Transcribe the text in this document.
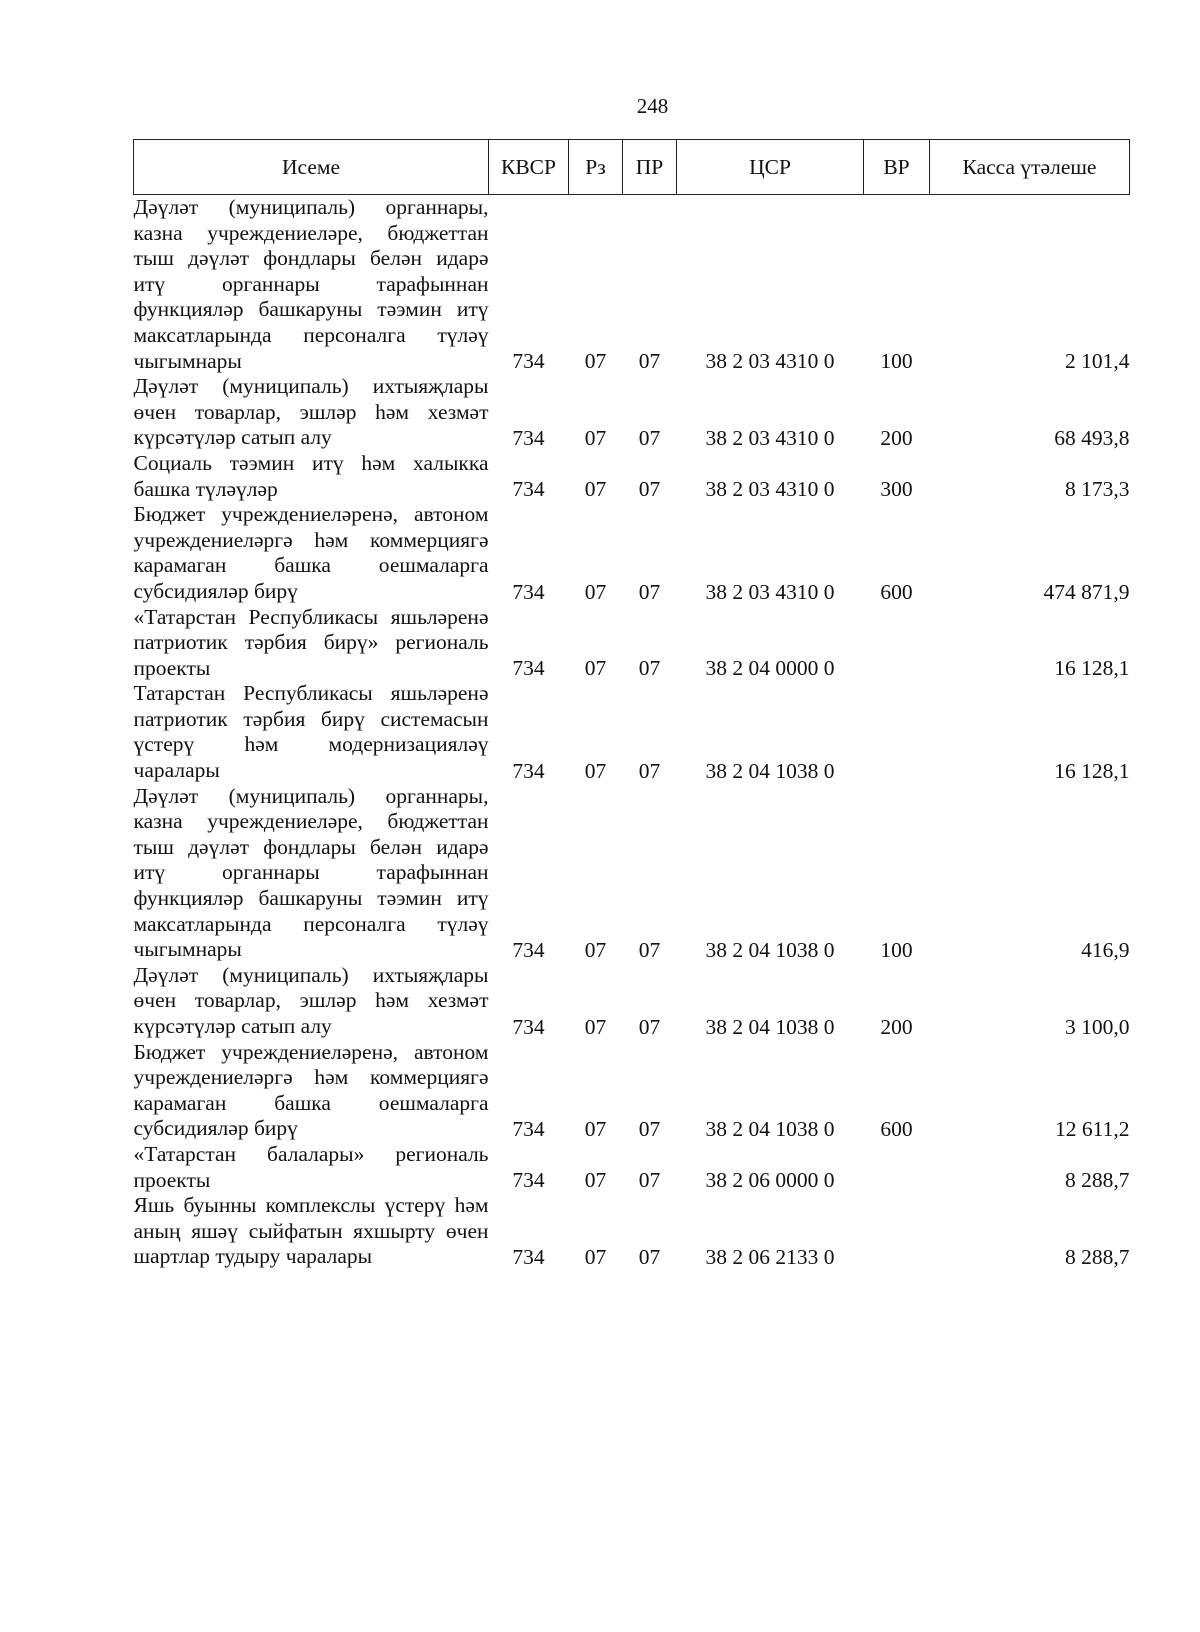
248
Исеме	КВСР	Рз	ПР	ЦСР	ВР	Касса үтәлеше
Дәүләт (муниципаль) органнары, казна учреждениеләре, бюджеттан тыш дәүләт фондлары белән идарә итү органнары тарафыннан функцияләр башкаруны тәэмин итү максатларында персоналга түләү чыгымнары	734	07	07	38 2 03 4310 0	100	2 101,4
Дәүләт (муниципаль) ихтыяҗлары өчен товарлар, эшләр һәм хезмәт күрсәтүләр сатып алу	734	07	07	38 2 03 4310 0	200	68 493,8
Социаль тәэмин итү һәм халыкка башка түләүләр	734	07	07	38 2 03 4310 0	300	8 173,3
Бюджет учреждениеләренә, автоном учреждениеләргә һәм коммерциягә карамаган башка оешмаларга субсидияләр бирү	734	07	07	38 2 03 4310 0	600	474 871,9
«Татарстан Республикасы яшьләренә патриотик тәрбия бирү» региональ проекты	734	07	07	38 2 04 0000 0		16 128,1
Татарстан Республикасы яшьләренә патриотик тәрбия бирү системасын үстерү һәм модернизацияләү чаралары	734	07	07	38 2 04 1038 0		16 128,1
Дәүләт (муниципаль) органнары, казна учреждениеләре, бюджеттан тыш дәүләт фондлары белән идарә итү органнары тарафыннан функцияләр башкаруны тәэмин итү максатларында персоналга түләү чыгымнары	734	07	07	38 2 04 1038 0	100	416,9
Дәүләт (муниципаль) ихтыяҗлары өчен товарлар, эшләр һәм хезмәт күрсәтүләр сатып алу	734	07	07	38 2 04 1038 0	200	3 100,0
Бюджет учреждениеләренә, автоном учреждениеләргә һәм коммерциягә карамаган башка оешмаларга субсидияләр бирү	734	07	07	38 2 04 1038 0	600	12 611,2
«Татарстан балалары» региональ проекты	734	07	07	38 2 06 0000 0		8 288,7
Яшь буынны комплекслы үстерү һәм аның яшәү сыйфатын яхшырту өчен шартлар тудыру чаралары	734	07	07	38 2 06 2133 0		8 288,7
